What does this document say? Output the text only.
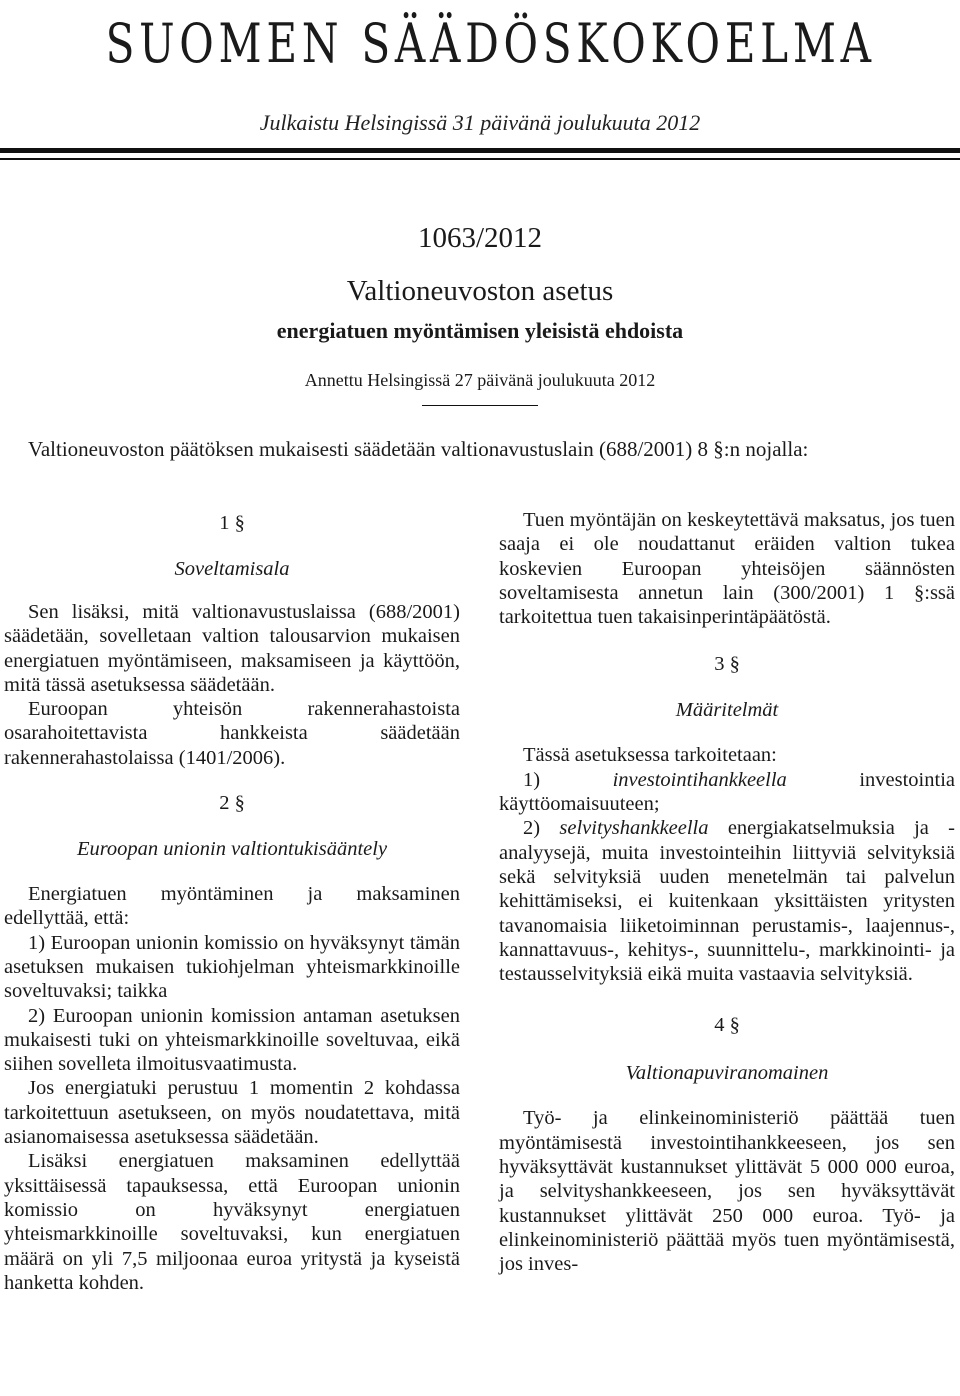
SUOMEN SÄÄDÖSKOKOELMA
Julkaistu Helsingissä 31 päivänä joulukuuta 2012
1063/2012
Valtioneuvoston asetus
energiatuen myöntämisen yleisistä ehdoista
Annettu Helsingissä 27 päivänä joulukuuta 2012

Valtioneuvoston päätöksen mukaisesti säädetään valtionavustuslain (688/2001) 8 §:n nojalla:

1 §
Soveltamisala

Sen lisäksi, mitä valtionavustuslaissa (688/2001) säädetään, sovelletaan valtion talousarvion mukaisen energiatuen myöntämiseen, maksamiseen ja käyttöön, mitä tässä asetuksessa säädetään.

Euroopan yhteisön rakennerahastoista osarahoitettavista hankkeista säädetään rakennerahastolaissa (1401/2006).

2 §
Euroopan unionin valtiontukisääntely

Energiatuen myöntäminen ja maksaminen edellyttää, että:

1) Euroopan unionin komissio on hyväksynyt tämän asetuksen mukaisen tukiohjelman yhteismarkkinoille soveltuvaksi; taikka

2) Euroopan unionin komission antaman asetuksen mukaisesti tuki on yhteismarkkinoille soveltuvaa, eikä siihen sovelleta ilmoitusvaatimusta.

Jos energiatuki perustuu 1 momentin 2 kohdassa tarkoitettuun asetukseen, on myös noudatettava, mitä asianomaisessa asetuksessa säädetään.

Lisäksi energiatuen maksaminen edellyttää yksittäisessä tapauksessa, että Euroopan unionin komissio on hyväksynyt energiatuen yhteismarkkinoille soveltuvaksi, kun energiatuen määrä on yli 7,5 miljoonaa euroa yritystä ja kyseistä hanketta kohden.

Tuen myöntäjän on keskeytettävä maksatus, jos tuen saaja ei ole noudattanut eräiden valtion tukea koskevien Euroopan yhteisöjen säännösten soveltamisesta annetun lain (300/2001) 1 §:ssä tarkoitettua tuen takaisinperintäpäätöstä.

3 §
Määritelmät

Tässä asetuksessa tarkoitetaan:

1)	investointihankkeella	investointia käyttöomaisuuteen;

2) selvityshankkeella energiakatselmuksia ja -analyysejä, muita investointeihin liittyviä selvityksiä sekä selvityksiä uuden menetelmän tai palvelun kehittämiseksi, ei kuitenkaan yksittäisten yritysten tavanomaisia liiketoiminnan perustamis-, laajennus-, kannattavuus-, kehitys-, suunnittelu-, markkinointi- ja testausselvityksiä eikä muita vastaavia selvityksiä.

4 §
Valtionapuviranomainen

Työ- ja elinkeinoministeriö päättää tuen myöntämisestä investointihankkeeseen, jos sen hyväksyttävät kustannukset ylittävät 5 000 000 euroa, ja selvityshankkeeseen, jos sen hyväksyttävät kustannukset ylittävät 250 000 euroa. Työ- ja elinkeinoministeriö päättää myös tuen myöntämisestä, jos inves-
